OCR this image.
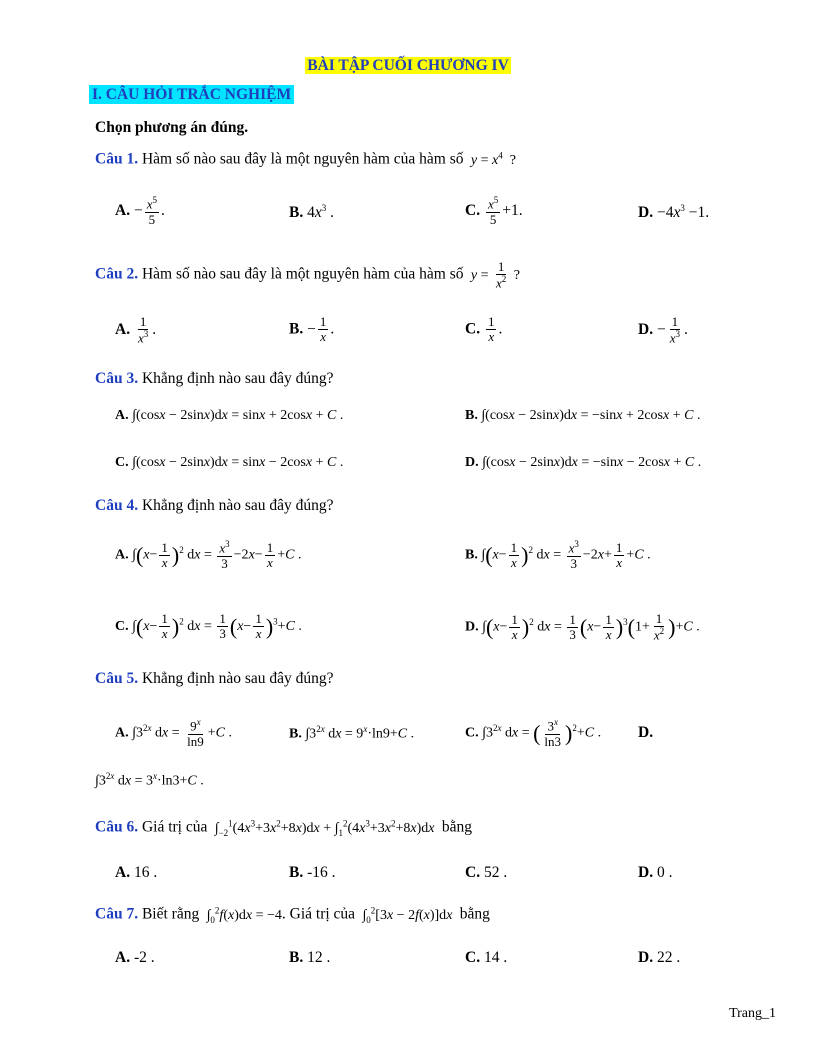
BÀI TẬP CUỐI CHƯƠNG IV
I. CÂU HỎI TRẮC NGHIỆM
Chọn phương án đúng.
Câu 1. Hàm số nào sau đây là một nguyên hàm của hàm số $y = x^4$  ?
A. − $\frac{x^5}{5}$ .	B. $4x^3$ .	C. $\frac{x^5}{5} +1$.	D. $-4x^3 -1$.
Câu 2. Hàm số nào sau đây là một nguyên hàm của hàm số $y = \frac{1}{x^2}$ ?
A. $\frac{1}{x^3}$ .	B. − $\frac{1}{x}$ .	C. $\frac{1}{x}$ .	D. − $\frac{1}{x^3}$ .
Câu 3. Khẳng định nào sau đây đúng?
A. ∫(cosx − 2sinx)dx = sinx + 2cosx + C .	B. ∫(cosx − 2sinx)dx = −sinx + 2cosx + C .
C. ∫(cosx − 2sinx)dx = sinx − 2cosx + C .	D. ∫(cosx − 2sinx)dx = −sinx − 2cosx + C .
Câu 4. Khẳng định nào sau đây đúng?
A. $\int(x- \frac{1}{x} )^2$ dx = $\frac{x^3}{3} -2x- \frac{1}{x} +C$ .	B. $\int(x- \frac{1}{x} )^2$ dx = $\frac{x^3}{3} -2x+ \frac{1}{x} +C$ .
C. $\int(x- \frac{1}{x} )^2$ dx = $\frac{1}{3} (x- \frac{1}{x} )^3+C$ .	D. $\int(x- \frac{1}{x} )^2$ dx = $\frac{1}{3} (x- \frac{1}{x} )^3(1+ \frac{1}{x^2} )+C$ .
Câu 5. Khẳng định nào sau đây đúng?
A. $\int 3^{2x}$ dx = $\frac{9^x}{\ln 9} +C$ .	B. $\int 3^{2x}$ dx = $9^x\cdot\ln 9+C$ .	C. $\int 3^{2x}$ dx = ( $\frac{3^x}{\ln 3} )^2+C$ . D.
$\int 3^{2x}$ dx = $3^x\cdot\ln 3+C$ .
Câu 6. Giá trị của  $\int_{-2}^1(4x^3+3x^2+8x)dx + \int_1^2(4x^3+3x^2+8x)dx$ bằng
A. 16 .	B. -16 .	C. 52 .	D. 0 .
Câu 7. Biết rằng  $\int_0^2f(x)dx = -4$. Giá trị của  $\int_0^2[3x - 2f(x)]dx$ bằng
A. -2 .	B. 12 .	C. 14 .	D. 22 .
Trang_1
